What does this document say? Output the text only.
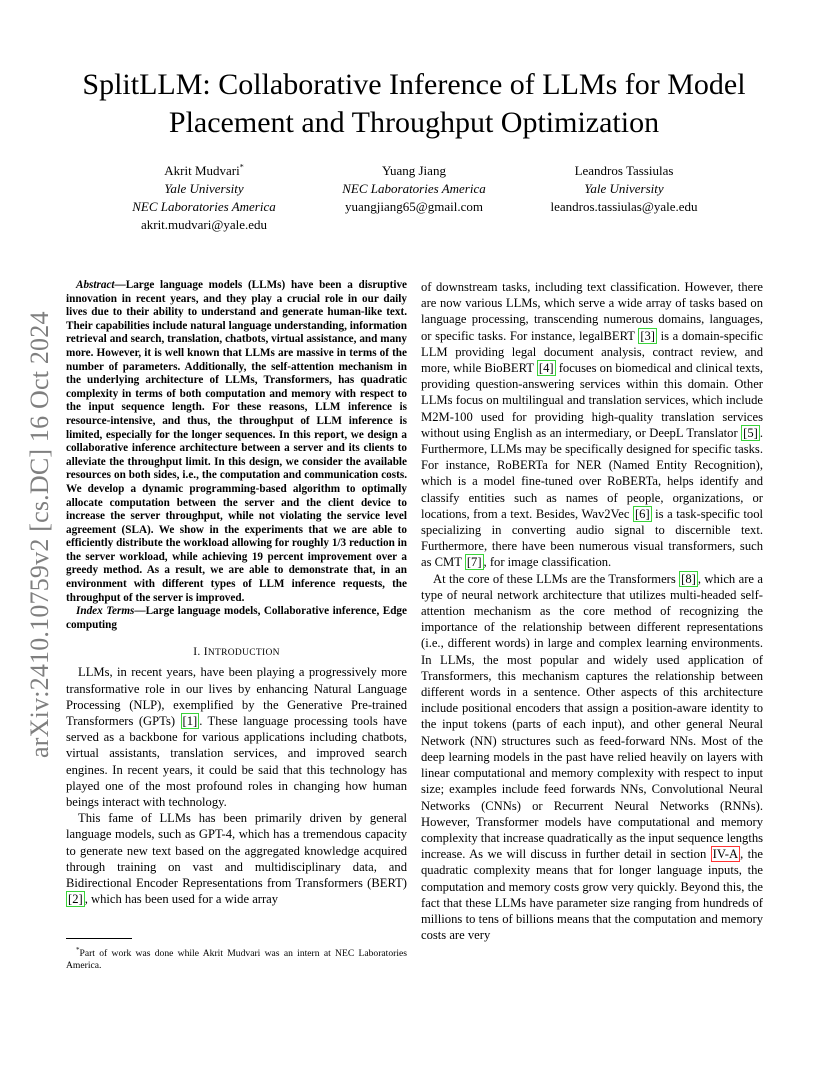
arXiv:2410.10759v2 [cs.DC] 16 Oct 2024
SplitLLM: Collaborative Inference of LLMs for Model Placement and Throughput Optimization
Akrit Mudvari*
Yale University
NEC Laboratories America
akrit.mudvari@yale.edu
Yuang Jiang
NEC Laboratories America
yuangjiang65@gmail.com
Leandros Tassiulas
Yale University
leandros.tassiulas@yale.edu

Abstract—Large language models (LLMs) have been a disruptive innovation in recent years, and they play a crucial role in our daily lives due to their ability to understand and generate human-like text. Their capabilities include natural language understanding, information retrieval and search, translation, chatbots, virtual assistance, and many more. However, it is well known that LLMs are massive in terms of the number of parameters. Additionally, the self-attention mechanism in the underlying architecture of LLMs, Transformers, has quadratic complexity in terms of both computation and memory with respect to the input sequence length. For these reasons, LLM inference is resource-intensive, and thus, the throughput of LLM inference is limited, especially for the longer sequences. In this report, we design a collaborative inference architecture between a server and its clients to alleviate the throughput limit. In this design, we consider the available resources on both sides, i.e., the computation and communication costs. We develop a dynamic programming-based algorithm to optimally allocate computation between the server and the client device to increase the server throughput, while not violating the service level agreement (SLA). We show in the experiments that we are able to efficiently distribute the workload allowing for roughly 1/3 reduction in the server workload, while achieving 19 percent improvement over a greedy method. As a result, we are able to demonstrate that, in an environment with different types of LLM inference requests, the throughput of the server is improved.

Index Terms—Large language models, Collaborative inference, Edge computing

I. INTRODUCTION

LLMs, in recent years, have been playing a progressively more transformative role in our lives by enhancing Natural Language Processing (NLP), exemplified by the Generative Pre-trained Transformers (GPTs) [1] . These language processing tools have served as a backbone for various applications including chatbots, virtual assistants, translation services, and improved search engines. In recent years, it could be said that this technology has played one of the most profound roles in changing how human beings interact with technology.

This fame of LLMs has been primarily driven by general language models, such as GPT-4, which has a tremendous capacity to generate new text based on the aggregated knowledge acquired through training on vast and multidisciplinary data, and Bidirectional Encoder Representations from Transformers (BERT) [2] , which has been used for a wide array

of downstream tasks, including text classification. However, there are now various LLMs, which serve a wide array of tasks based on language processing, transcending numerous domains, languages, or specific tasks. For instance, legalBERT [3] is a domain-specific LLM providing legal document analysis, contract review, and more, while BioBERT [4] focuses on biomedical and clinical texts, providing question-answering services within this domain. Other LLMs focus on multilingual and translation services, which include M2M-100 used for providing high-quality translation services without using English as an intermediary, or DeepL Translator [5] . Furthermore, LLMs may be specifically designed for specific tasks. For instance, RoBERTa for NER (Named Entity Recognition), which is a model fine-tuned over RoBERTa, helps identify and classify entities such as names of people, organizations, or locations, from a text. Besides, Wav2Vec [6] is a task-specific tool specializing in converting audio signal to discernible text. Furthermore, there have been numerous visual transformers, such as CMT [7] , for image classification.

At the core of these LLMs are the Transformers [8] , which are a type of neural network architecture that utilizes multi-headed self-attention mechanism as the core method of recognizing the importance of the relationship between different representations (i.e., different words) in large and complex learning environments. In LLMs, the most popular and widely used application of Transformers, this mechanism captures the relationship between different words in a sentence. Other aspects of this architecture include positional encoders that assign a position-aware identity to the input tokens (parts of each input), and other general Neural Network (NN) structures such as feed-forward NNs. Most of the deep learning models in the past have relied heavily on layers with linear computational and memory complexity with respect to input size; examples include feed forwards NNs, Convolutional Neural Networks (CNNs) or Recurrent Neural Networks (RNNs). However, Transformer models have computational and memory complexity that increase quadratically as the input sequence lengths increase. As we will discuss in further detail in section IV-A , the quadratic complexity means that for longer language inputs, the computation and memory costs grow very quickly. Beyond this, the fact that these LLMs have parameter size ranging from hundreds of millions to tens of billions means that the computation and memory costs are very

*Part of work was done while Akrit Mudvari was an intern at NEC Laboratories America.
